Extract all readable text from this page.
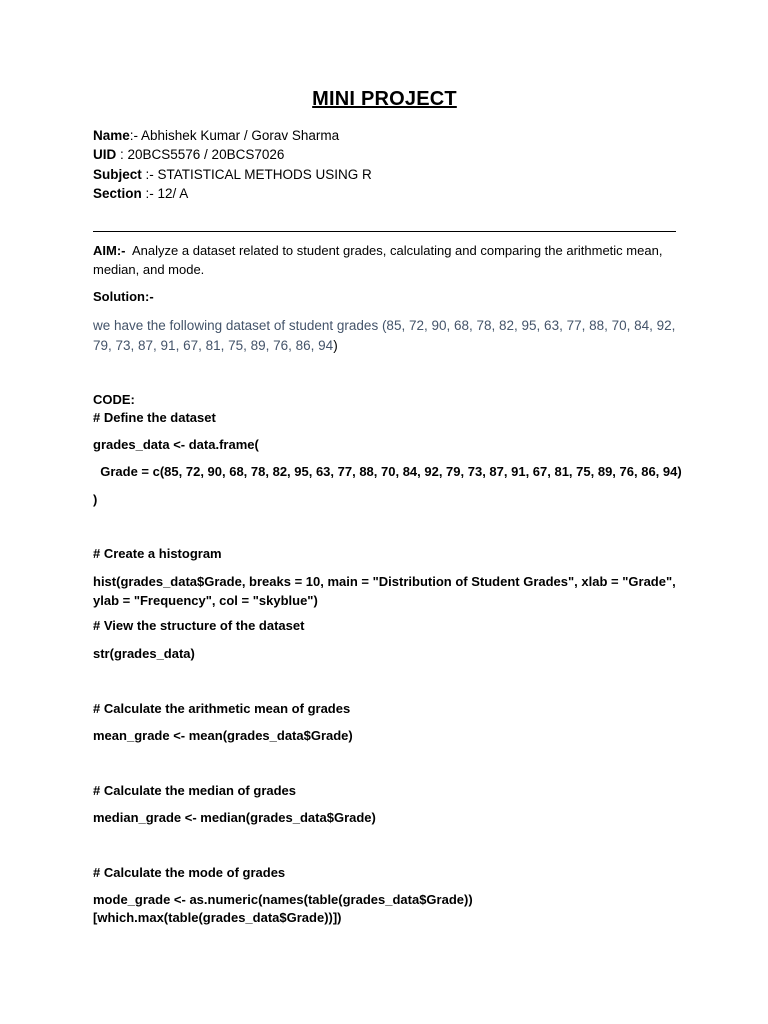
MINI PROJECT
Name:- Abhishek Kumar / Gorav Sharma
UID : 20BCS5576 / 20BCS7026
Subject :- STATISTICAL METHODS USING R
Section :- 12/ A
AIM:-  Analyze a dataset related to student grades, calculating and comparing the arithmetic mean, median, and mode.
Solution:-
we have the following dataset of student grades (85, 72, 90, 68, 78, 82, 95, 63, 77, 88, 70, 84, 92, 79, 73, 87, 91, 67, 81, 75, 89, 76, 86, 94)
CODE:
# Define the dataset
grades_data <- data.frame(
Grade = c(85, 72, 90, 68, 78, 82, 95, 63, 77, 88, 70, 84, 92, 79, 73, 87, 91, 67, 81, 75, 89, 76, 86, 94)
)
# Create a histogram
hist(grades_data$Grade, breaks = 10, main = "Distribution of Student Grades", xlab = "Grade", ylab = "Frequency", col = "skyblue")
# View the structure of the dataset
str(grades_data)
# Calculate the arithmetic mean of grades
mean_grade <- mean(grades_data$Grade)
# Calculate the median of grades
median_grade <- median(grades_data$Grade)
# Calculate the mode of grades
mode_grade <- as.numeric(names(table(grades_data$Grade))
[which.max(table(grades_data$Grade))])
